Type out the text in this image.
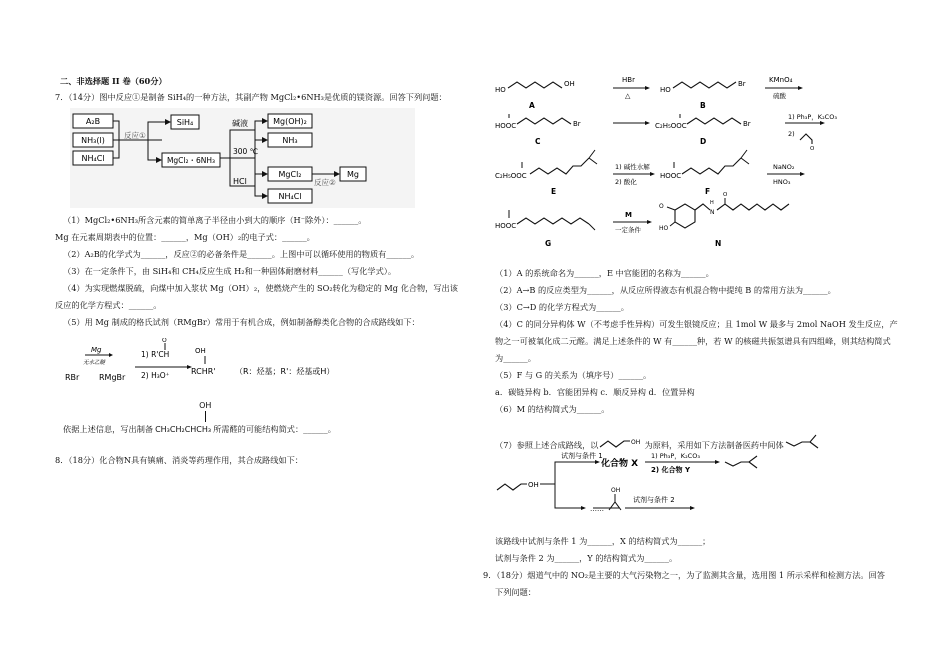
二、非选择题 II 卷（60分）
7．（14分）图中反应①是制备 SiH₄的一种方法，其副产物 MgCl₂•6NH₃是优质的镁资源。回答下列问题：
A₂B
NH₃(l)
NH₄Cl
反应①
SiH₄
MgCl₂・6NH₃
碱液	Mg(OH)₂
300 ℃
NH₃
HCl
MgCl₂
NH₄Cl
反应②
Mg
（1）MgCl₂•6NH₃所含元素的简单离子半径由小到大的顺序（H⁻除外）：______。
Mg 在元素周期表中的位置：______，Mg（OH）₂的电子式：______。
（2）A₂B的化学式为______，反应②的必备条件是______。上图中可以循环使用的物质有______。
（3）在一定条件下，由 SiH₄和 CH₄反应生成 H₂和一种固体耐磨材料______（写化学式）。
（4）为实现燃煤脱硫，向煤中加入浆状 Mg（OH）₂，使燃烧产生的 SO₂转化为稳定的 Mg 化合物，写出该
反应的化学方程式：______。
（5）用 Mg 制成的格氏试剂（RMgBr）常用于有机合成，例如制备醇类化合物的合成路线如下：
Mg
无水乙醚
RBr RMgBr
1) R'CH
O
2) H₃O⁺
OH
RCHR' （R：烃基；R'：烃基或H）
依据上述信息，写出制备
OH
CH₃CH₂CHCH₃ 所需醛的可能结构简式：______。
8．（18分）化合物N具有镇痛、消炎等药理作用，其合成路线如下：
HO
OH
A
HBr
△
HO
Br
B
KMnO₄
硫酸
HOOC	Br
C
C₂H₅OOC	Br
D
1) Ph₃P，K₂CO₃
2)
O
C₂H₅OOC
E
1) 碱性水解
2) 酸化
HOOC
F
NaNO₂
HNO₃
HOOC
G
M
一定条件
O
HO
N
H
O
N
（1）A 的系统命名为______，E 中官能团的名称为______。
（2）A→B 的反应类型为______，从反应所得液态有机混合物中提纯 B 的常用方法为______。
（3）C→D 的化学方程式为______。
（4）C 的同分异构体 W（不考虑手性异构）可发生银镜反应；且 1mol W 最多与 2mol NaOH 发生反应，产
物之一可被氧化成二元醛。满足上述条件的 W 有______种，若 W 的核磁共振氢谱具有四组峰，则其结构简式
为______。
（5）F 与 G 的关系为（填序号）______。
a．碳链异构 b．官能团异构 c．顺反异构 d．位置异构
（6）M 的结构简式为______。
（7）参照上述合成路线，以	OH 为原料，采用如下方法制备医药中间体
OH
试剂与条件 1
化合物 X
1) Ph₃P，K₂CO₃
2) 化合物 Y
……
OH
试剂与条件 2
该路线中试剂与条件 1 为______，X 的结构简式为______；
试剂与条件 2 为______，Y 的结构简式为______。
9．（18分）烟道气中的 NO₂是主要的大气污染物之一，为了监测其含量，选用图 1 所示采样和检测方法。回答
下列问题：
